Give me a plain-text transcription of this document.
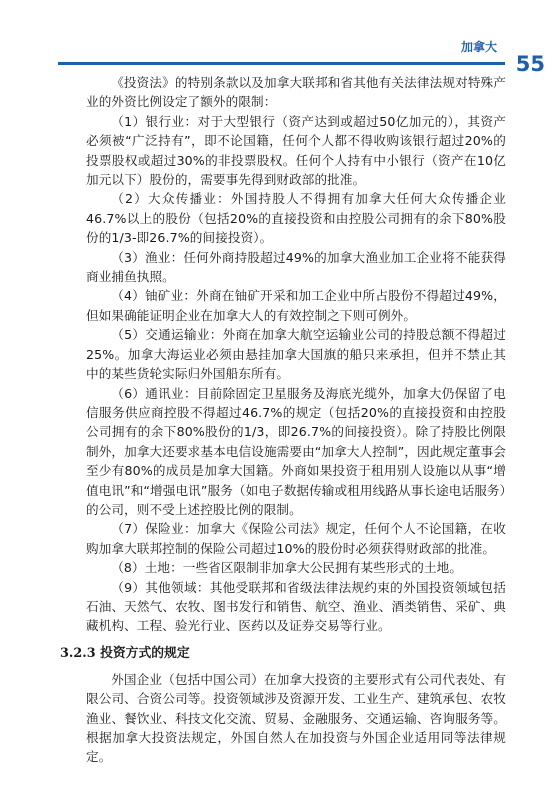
加拿大
55

《投资法》的特别条款以及加拿大联邦和省其他有关法律法规对特殊产业的外资比例设定了额外的限制：

（1）银行业：对于大型银行（资产达到或超过50亿加元的），其资产必须被“广泛持有”，即不论国籍，任何个人都不得收购该银行超过20%的投票股权或超过30%的非投票股权。任何个人持有中小银行（资产在10亿加元以下）股份的，需要事先得到财政部的批准。

（2）大众传播业：外国持股人不得拥有加拿大任何大众传播企业46.7%以上的股份（包括20%的直接投资和由控股公司拥有的余下80%股份的1/3-即26.7%的间接投资）。

（3）渔业：任何外商持股超过49%的加拿大渔业加工企业将不能获得商业捕鱼执照。

（4）铀矿业：外商在铀矿开采和加工企业中所占股份不得超过49%，但如果确能证明企业在加拿大人的有效控制之下则可例外。

（5）交通运输业：外商在加拿大航空运输业公司的持股总额不得超过25%。加拿大海运业必须由悬挂加拿大国旗的船只来承担，但并不禁止其中的某些货轮实际归外国船东所有。

（6）通讯业：目前除固定卫星服务及海底光缆外，加拿大仍保留了电信服务供应商控股不得超过46.7%的规定（包括20%的直接投资和由控股公司拥有的余下80%股份的1/3，即26.7%的间接投资）。除了持股比例限制外，加拿大还要求基本电信设施需要由“加拿大人控制”，因此规定董事会至少有80%的成员是加拿大国籍。外商如果投资于租用别人设施以从事“增值电讯”和“增强电讯”服务（如电子数据传输或租用线路从事长途电话服务）的公司，则不受上述控股比例的限制。

（7）保险业：加拿大《保险公司法》规定，任何个人不论国籍，在收购加拿大联邦控制的保险公司超过10%的股份时必须获得财政部的批准。

（8）土地：一些省区限制非加拿大公民拥有某些形式的土地。

（9）其他领域：其他受联邦和省级法律法规约束的外国投资领域包括石油、天然气、农牧、图书发行和销售、航空、渔业、酒类销售、采矿、典藏机构、工程、验光行业、医药以及证券交易等行业。

3.2.3 投资方式的规定

外国企业（包括中国公司）在加拿大投资的主要形式有公司代表处、有限公司、合资公司等。投资领域涉及资源开发、工业生产、建筑承包、农牧渔业、餐饮业、科技文化交流、贸易、金融服务、交通运输、咨询服务等。根据加拿大投资法规定，外国自然人在加投资与外国企业适用同等法律规定。
